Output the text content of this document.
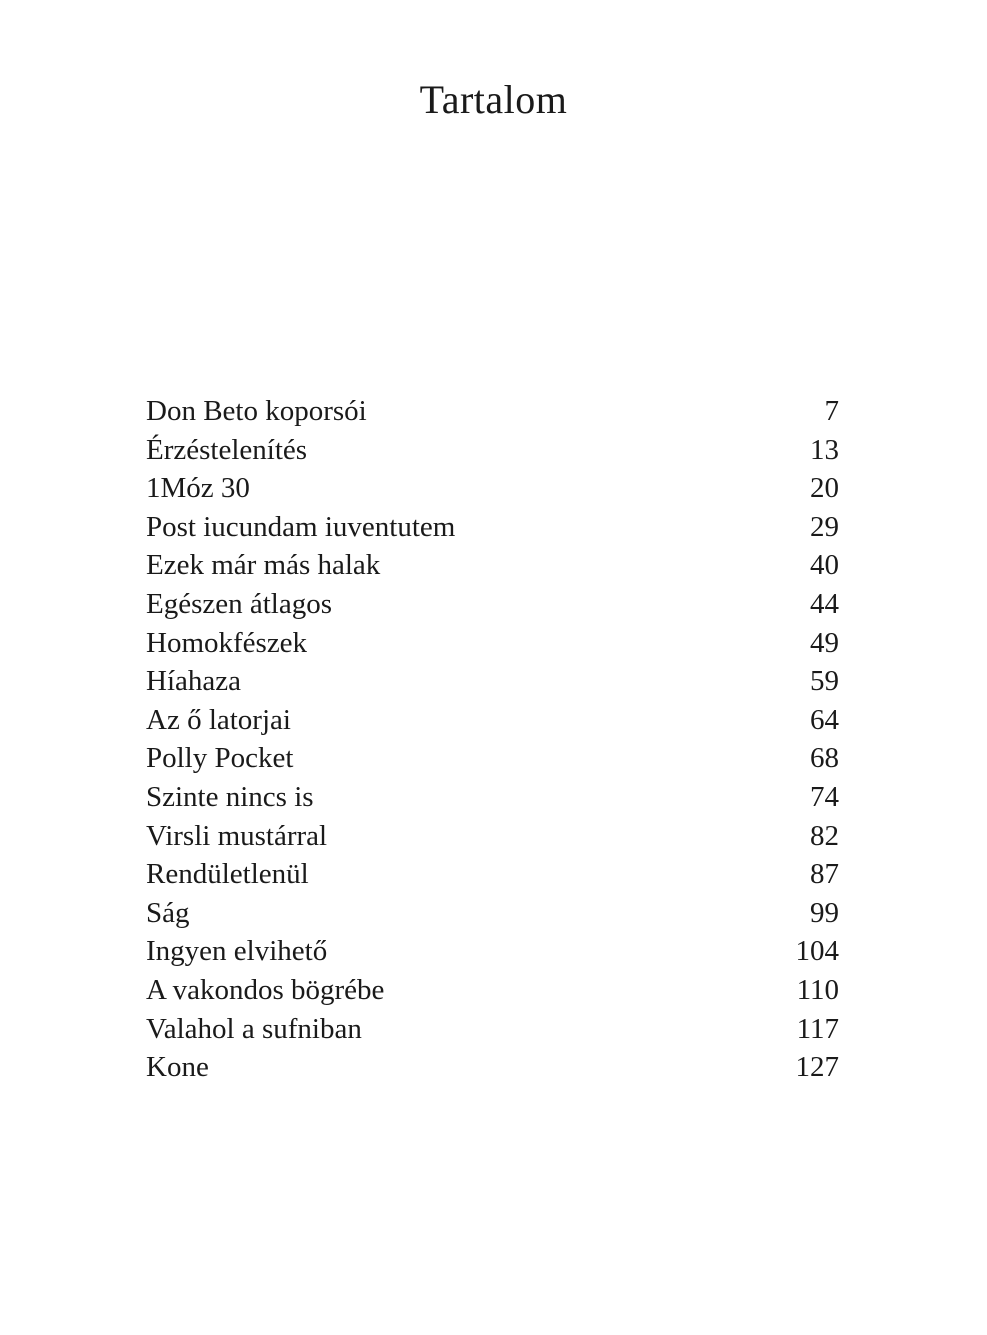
Tartalom
Don Beto koporsói	7
Érzéstelenítés	13
1Móz 30	20
Post iucundam iuventutem	29
Ezek már más halak	40
Egészen átlagos	44
Homokfészek	49
Híahaza	59
Az ő latorjai	64
Polly Pocket	68
Szinte nincs is	74
Virsli mustárral	82
Rendületlenül	87
Ság	99
Ingyen elvihető	104
A vakondos bögrébe	110
Valahol a sufniban	117
Kone	127
